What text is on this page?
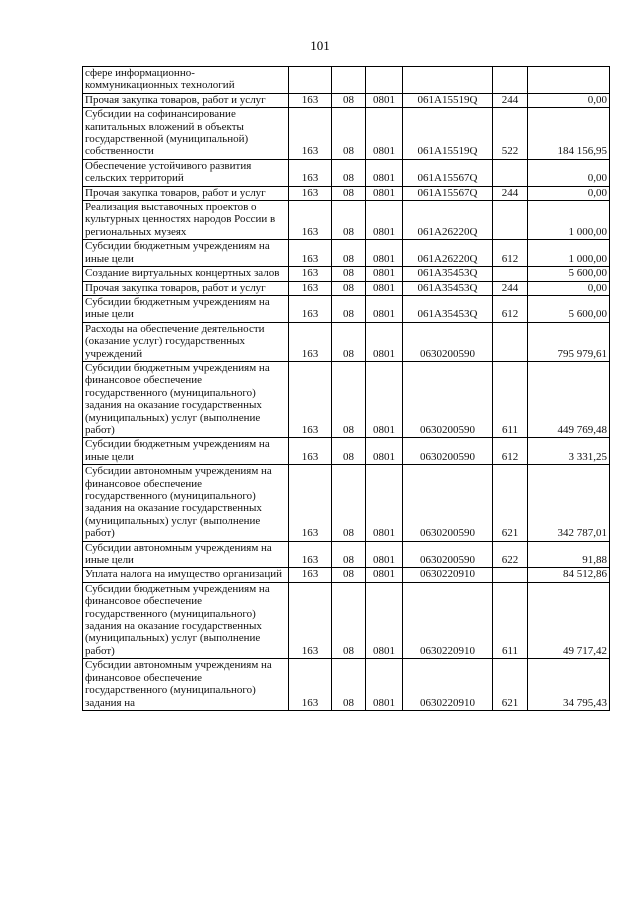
101
сфере информационно-коммуникационных технологий						
Прочая закупка товаров, работ и услуг	163	08	0801	061A15519Q	244	0,00
Субсидии на софинансирование капитальных вложений в объекты государственной (муниципальной) собственности	163	08	0801	061A15519Q	522	184 156,95
Обеспечение устойчивого развития сельских территорий	163	08	0801	061A15567Q		0,00
Прочая закупка товаров, работ и услуг	163	08	0801	061A15567Q	244	0,00
Реализация выставочных проектов о культурных ценностях народов России в региональных музеях	163	08	0801	061A26220Q		1 000,00
Субсидии бюджетным учреждениям на иные цели	163	08	0801	061A26220Q	612	1 000,00
Создание виртуальных концертных залов	163	08	0801	061A35453Q		5 600,00
Прочая закупка товаров, работ и услуг	163	08	0801	061A35453Q	244	0,00
Субсидии бюджетным учреждениям на иные цели	163	08	0801	061A35453Q	612	5 600,00
Расходы на обеспечение деятельности (оказание услуг) государственных учреждений	163	08	0801	0630200590		795 979,61
Субсидии бюджетным учреждениям на финансовое обеспечение государственного (муниципального) задания на оказание государственных (муниципальных) услуг (выполнение работ)	163	08	0801	0630200590	611	449 769,48
Субсидии бюджетным учреждениям на иные цели	163	08	0801	0630200590	612	3 331,25
Субсидии автономным учреждениям на финансовое обеспечение государственного (муниципального) задания на оказание государственных (муниципальных) услуг (выполнение работ)	163	08	0801	0630200590	621	342 787,01
Субсидии автономным учреждениям на иные цели	163	08	0801	0630200590	622	91,88
Уплата налога на имущество организаций	163	08	0801	0630220910		84 512,86
Субсидии бюджетным учреждениям на финансовое обеспечение государственного (муниципального) задания на оказание государственных (муниципальных) услуг (выполнение работ)	163	08	0801	0630220910	611	49 717,42
Субсидии автономным учреждениям на финансовое обеспечение государственного (муниципального) задания на	163	08	0801	0630220910	621	34 795,43
